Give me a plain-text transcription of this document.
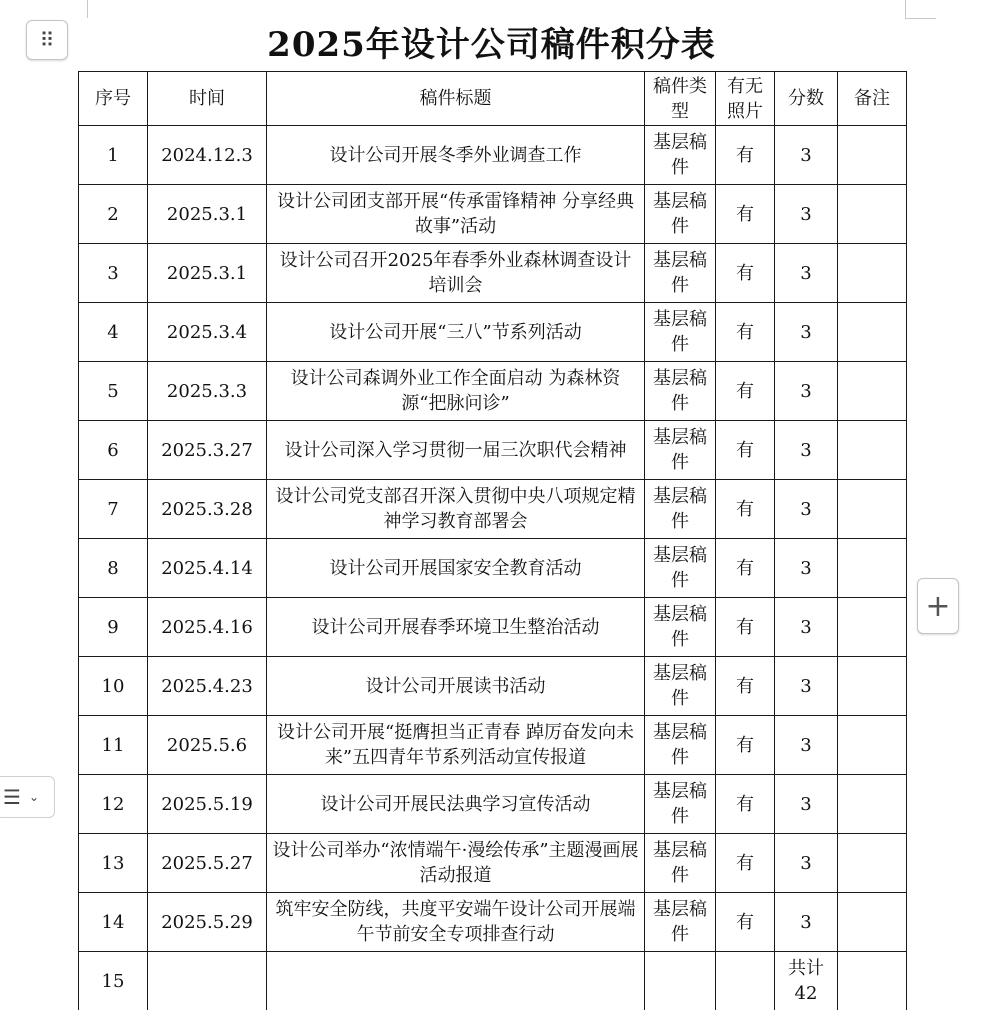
⠿	2025年设计公司稿件积分表
序号	时间	稿件标题	稿件类型	有无照片	分数	备注
1	2024.12.3	设计公司开展冬季外业调查工作	基层稿件	有	3	
2	2025.3.1	设计公司团支部开展“传承雷锋精神 分享经典故事”活动	基层稿件	有	3	
3	2025.3.1	设计公司召开2025年春季外业森林调查设计培训会	基层稿件	有	3	
4	2025.3.4	设计公司开展“三八”节系列活动	基层稿件	有	3	
5	2025.3.3	设计公司森调外业工作全面启动 为森林资源“把脉问诊”	基层稿件	有	3	
6	2025.3.27	设计公司深入学习贯彻一届三次职代会精神	基层稿件	有	3	
7	2025.3.28	设计公司党支部召开深入贯彻中央八项规定精神学习教育部署会	基层稿件	有	3	
8	2025.4.14	设计公司开展国家安全教育活动	基层稿件	有	3	
9	2025.4.16	设计公司开展春季环境卫生整治活动	基层稿件	有	3	
10	2025.4.23	设计公司开展读书活动	基层稿件	有	3	
11	2025.5.6	设计公司开展“挺膺担当正青春 踔厉奋发向未来”五四青年节系列活动宣传报道	基层稿件	有	3	
12	2025.5.19	设计公司开展民法典学习宣传活动	基层稿件	有	3	
13	2025.5.27	设计公司举办“浓情端午·漫绘传承”主题漫画展活动报道	基层稿件	有	3	
14	2025.5.29	筑牢安全防线，共度平安端午设计公司开展端午节前安全专项排查行动	基层稿件	有	3	
15					共计
42	

+
☰ ⌄
